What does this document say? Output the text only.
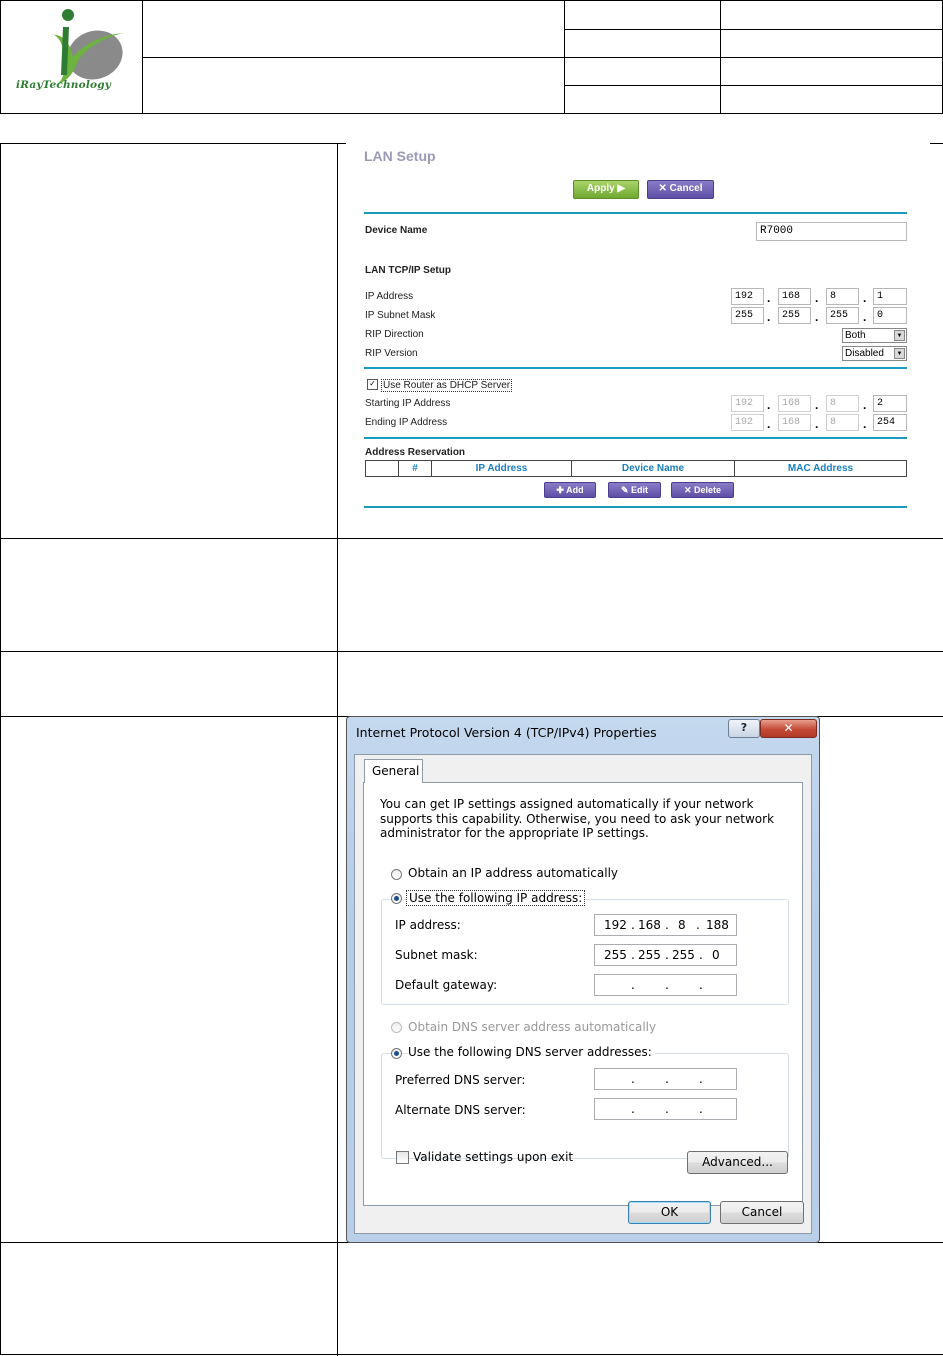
iRayTechnology
LAN Setup
Apply ▶	✕ Cancel
Device Name	R7000
LAN TCP/IP Setup
IP Address	192	.	168	.	8	.	1
IP Subnet Mask	255	.	255	.	255	.	0
RIP Direction	Both	▼
RIP Version	Disabled	▼
✓ Use Router as DHCP Server
Starting IP Address	192	.	168	.	8	.	2
Ending IP Address	192	.	168	.	8	.	254
Address Reservation
#	IP Address	Device Name	MAC Address
✚ Add	✎ Edit	✕ Delete
Internet Protocol Version 4 (TCP/IPv4) Properties	?	✕
General
You can get IP settings assigned automatically if your network supports this capability. Otherwise, you need to ask your network administrator for the appropriate IP settings.
Obtain an IP address automatically
Use the following IP address:
IP address:	192 . 168 . 8 . 188
Subnet mask:	255 . 255 . 255 . 0
Default gateway:	.	.	.
Obtain DNS server address automatically
Use the following DNS server addresses:
Preferred DNS server:	.	.	.
Alternate DNS server:	.	.	.
Validate settings upon exit	Advanced...
OK	Cancel
